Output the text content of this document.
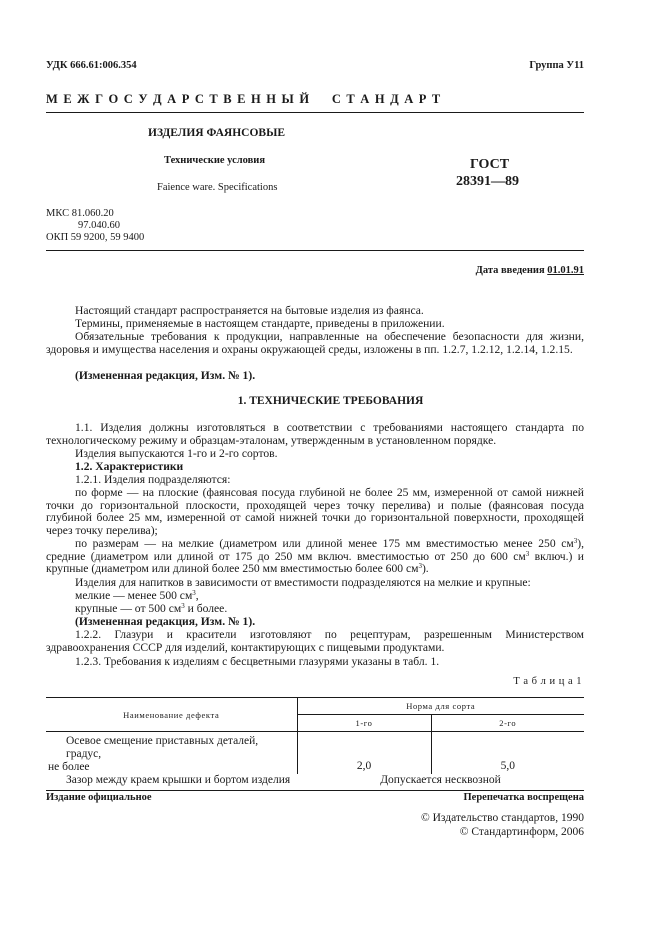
УДК 666.61:006.354	Группа У11
М Е Ж Г О С У Д А Р С Т В Е Н Н Ы Й     С Т А Н Д А Р Т
ИЗДЕЛИЯ ФАЯНСОВЫЕ
Технические условия
Faience ware. Specifications
ГОСТ
28391—89
МКС 81.060.20
97.040.60
ОКП 59 9200, 59 9400
Дата введения 01.01.91
Настоящий стандарт распространяется на бытовые изделия из фаянса.
Термины, применяемые в настоящем стандарте, приведены в приложении.
Обязательные требования к продукции, направленные на обеспечение безопасности для жизни, здоровья и имущества населения и охраны окружающей среды, изложены в пп. 1.2.7, 1.2.12, 1.2.14, 1.2.15.
(Измененная редакция, Изм. № 1).
1. ТЕХНИЧЕСКИЕ ТРЕБОВАНИЯ
1.1. Изделия должны изготовляться в соответствии с требованиями настоящего стандарта по технологическому режиму и образцам-эталонам, утвержденным в установленном порядке.
Изделия выпускаются 1-го и 2-го сортов.
1.2. Характеристики
1.2.1. Изделия подразделяются:
по форме — на плоские (фаянсовая посуда глубиной не более 25 мм, измеренной от самой нижней точки до горизонтальной плоскости, проходящей через точку перелива) и полые (фаянсовая посуда глубиной более 25 мм, измеренной от самой нижней точки до горизонтальной поверхности, проходящей через точку перелива);
по размерам — на мелкие (диаметром или длиной менее 175 мм вместимостью менее 250 $см^3$), средние (диаметром или длиной от 175 до 250 мм включ. вместимостью от 250 до 600 $см^3$ включ.) и крупные (диаметром или длиной более 250 мм вместимостью более 600 $см^3$).
Изделия для напитков в зависимости от вместимости подразделяются на мелкие и крупные:
мелкие — менее 500 $см^3$,
крупные — от 500 $см^3$ и более.
(Измененная редакция, Изм. № 1).
1.2.2. Глазури и красители изготовляют по рецептурам, разрешенным Министерством здравоохранения СССР для изделий, контактирующих с пищевыми продуктами.
1.2.3. Требования к изделиям с бесцветными глазурями указаны в табл. 1.
Т а б л и ц а 1
Наименование дефекта	Норма для сорта	
	1-го	2-го

Осевое смещение приставных деталей, градус,
не более	2,0	5,0
Зазор между краем крышки и бортом изделия	Допускается несквозной	
Издание официальное	Перепечатка воспрещена
© Издательство стандартов, 1990
© Стандартинформ, 2006
